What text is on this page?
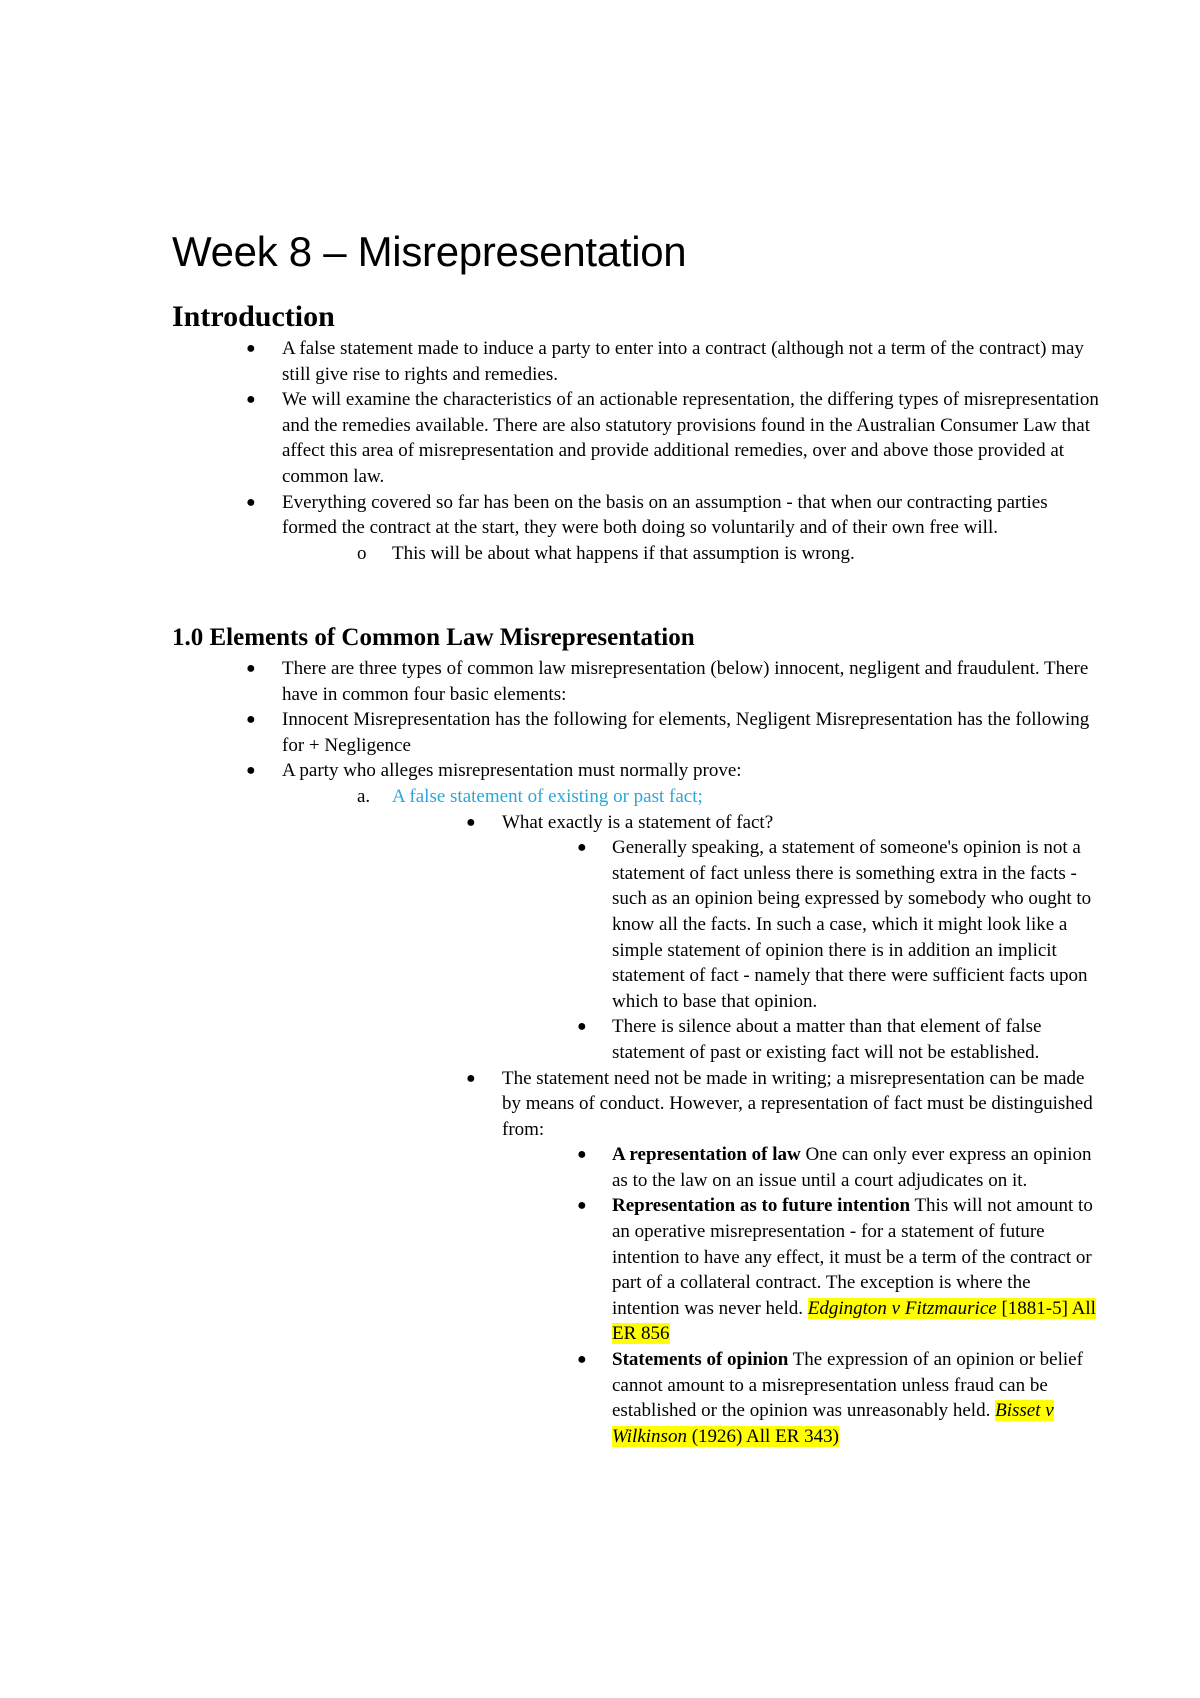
Week 8 – Misrepresentation
Introduction
● A false statement made to induce a party to enter into a contract (although not a term of the contract) may still give rise to rights and remedies.
● We will examine the characteristics of an actionable representation, the differing types of misrepresentation and the remedies available. There are also statutory provisions found in the Australian Consumer Law that affect this area of misrepresentation and provide additional remedies, over and above those provided at common law.
● Everything covered so far has been on the basis on an assumption - that when our contracting parties formed the contract at the start, they were both doing so voluntarily and of their own free will.
o This will be about what happens if that assumption is wrong.
1.0 Elements of Common Law Misrepresentation
● There are three types of common law misrepresentation (below) innocent, negligent and fraudulent. There have in common four basic elements:
● Innocent Misrepresentation has the following for elements, Negligent Misrepresentation has the following for + Negligence
● A party who alleges misrepresentation must normally prove:
a. A false statement of existing or past fact;
● What exactly is a statement of fact?
● Generally speaking, a statement of someone's opinion is not a statement of fact unless there is something extra in the facts - such as an opinion being expressed by somebody who ought to know all the facts. In such a case, which it might look like a simple statement of opinion there is in addition an implicit statement of fact - namely that there were sufficient facts upon which to base that opinion.
● There is silence about a matter than that element of false statement of past or existing fact will not be established.
● The statement need not be made in writing; a misrepresentation can be made by means of conduct. However, a representation of fact must be distinguished from:
● A representation of law One can only ever express an opinion as to the law on an issue until a court adjudicates on it.
● Representation as to future intention This will not amount to an operative misrepresentation - for a statement of future intention to have any effect, it must be a term of the contract or part of a collateral contract. The exception is where the intention was never held. Edgington v Fitzmaurice [1881-5] All ER 856
● Statements of opinion The expression of an opinion or belief cannot amount to a misrepresentation unless fraud can be established or the opinion was unreasonably held. Bisset v Wilkinson (1926) All ER 343)
